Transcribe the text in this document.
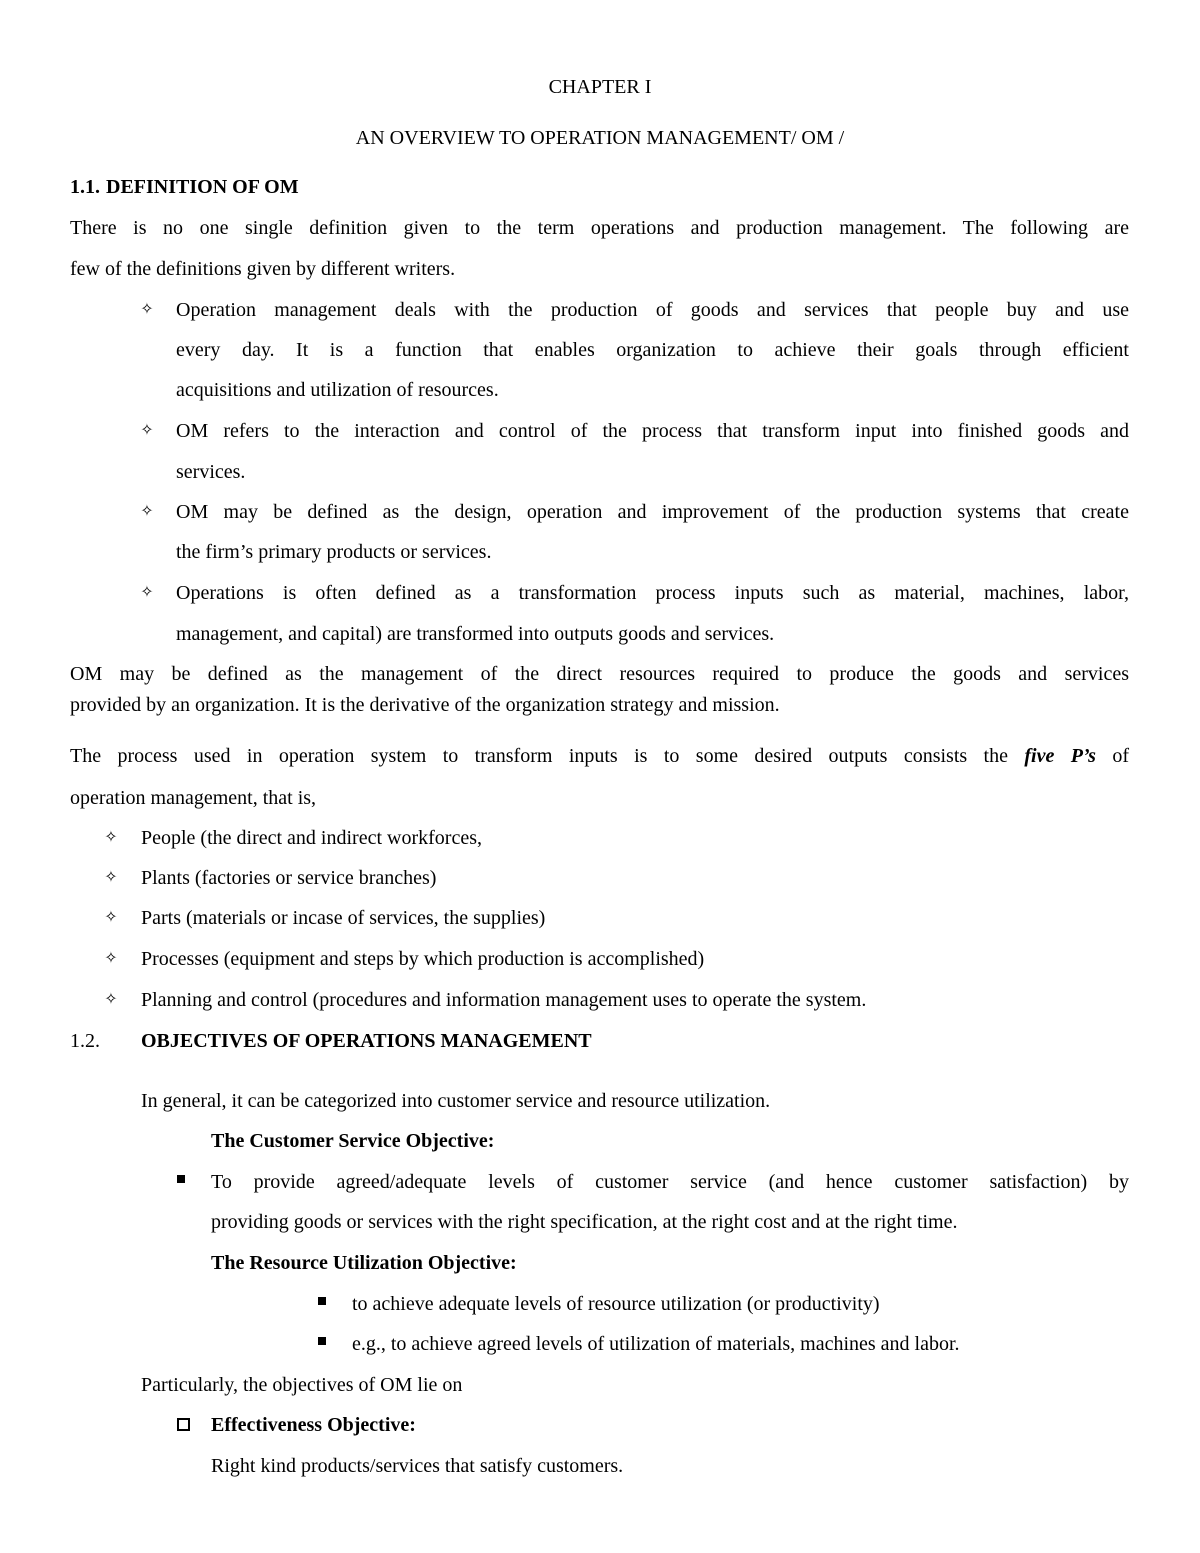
CHAPTER I
AN OVERVIEW TO OPERATION MANAGEMENT/ OM /
1.1. DEFINITION OF OM
There is no one single definition given to the term operations and production management. The following are
few of the definitions given by different writers.
✧ Operation management deals with the production of goods and services that people buy and use
every day. It is a function that enables organization to achieve their goals through efficient
acquisitions and utilization of resources.
✧ OM refers to the interaction and control of the process that transform input into finished goods and
services.
✧ OM may be defined as the design, operation and improvement of the production systems that create
the firm’s primary products or services.
✧ Operations is often defined as a transformation process inputs such as material, machines, labor,
management, and capital) are transformed into outputs goods and services.
OM may be defined as the management of the direct resources required to produce the goods and services
provided by an organization. It is the derivative of the organization strategy and mission.
The process used in operation system to transform inputs is to some desired outputs consists the five P’s of
operation management, that is,
✧ People (the direct and indirect workforces,
✧ Plants (factories or service branches)
✧ Parts (materials or incase of services, the supplies)
✧ Processes (equipment and steps by which production is accomplished)
✧ Planning and control (procedures and information management uses to operate the system.
1.2. OBJECTIVES OF OPERATIONS MANAGEMENT
In general, it can be categorized into customer service and resource utilization.
The Customer Service Objective:
To provide agreed/adequate levels of customer service (and hence customer satisfaction) by
providing goods or services with the right specification, at the right cost and at the right time.
The Resource Utilization Objective:
to achieve adequate levels of resource utilization (or productivity)
e.g., to achieve agreed levels of utilization of materials, machines and labor.
Particularly, the objectives of OM lie on
Effectiveness Objective:
Right kind products/services that satisfy customers.
